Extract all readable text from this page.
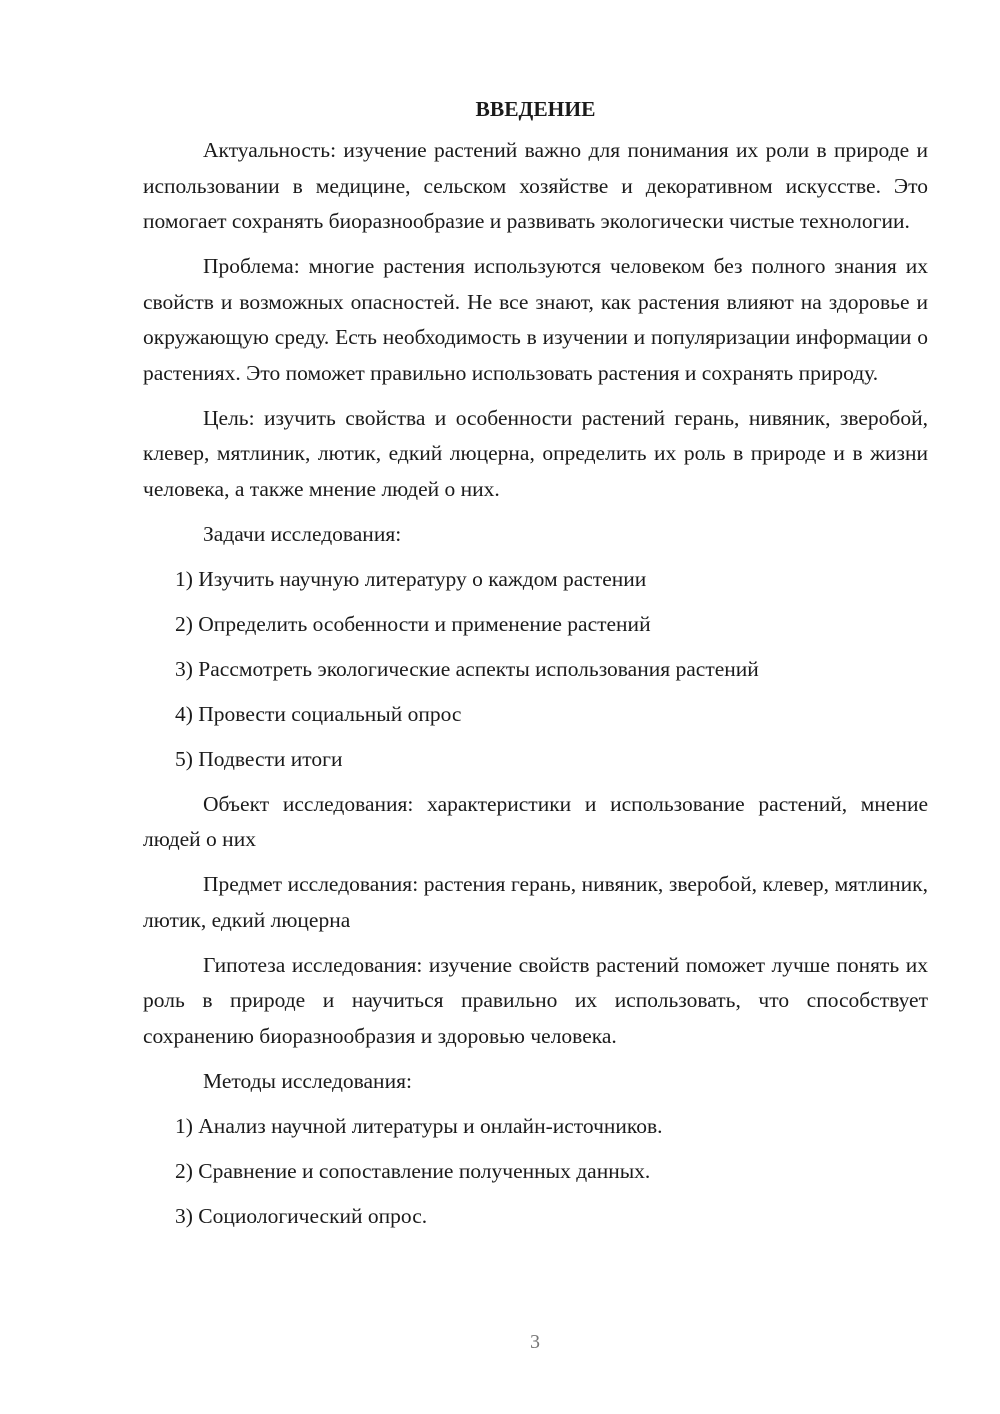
ВВЕДЕНИЕ

Актуальность: изучение растений важно для понимания их роли в природе и использовании в медицине, сельском хозяйстве и декоративном искусстве. Это помогает сохранять биоразнообразие и развивать экологически чистые технологии.

Проблема: многие растения используются человеком без полного знания их свойств и возможных опасностей. Не все знают, как растения влияют на здоровье и окружающую среду. Есть необходимость в изучении и популяризации информации о растениях. Это поможет правильно использовать растения и сохранять природу.

Цель: изучить свойства и особенности растений герань, нивяник, зверобой, клевер, мятлиник, лютик, едкий люцерна, определить их роль в природе и в жизни человека, а также мнение людей о них.

Задачи исследования:
1) Изучить научную литературу о каждом растении
2) Определить особенности и применение растений
3) Рассмотреть экологические аспекты использования растений
4) Провести социальный опрос
5) Подвести итоги

Объект исследования: характеристики и использование растений, мнение людей о них

Предмет исследования: растения герань, нивяник, зверобой, клевер, мятлиник, лютик, едкий люцерна

Гипотеза исследования: изучение свойств растений поможет лучше понять их роль в природе и научиться правильно их использовать, что способствует сохранению биоразнообразия и здоровью человека.

Методы исследования:
1) Анализ научной литературы и онлайн-источников.
2) Сравнение и сопоставление полученных данных.
3) Социологический опрос.
3
